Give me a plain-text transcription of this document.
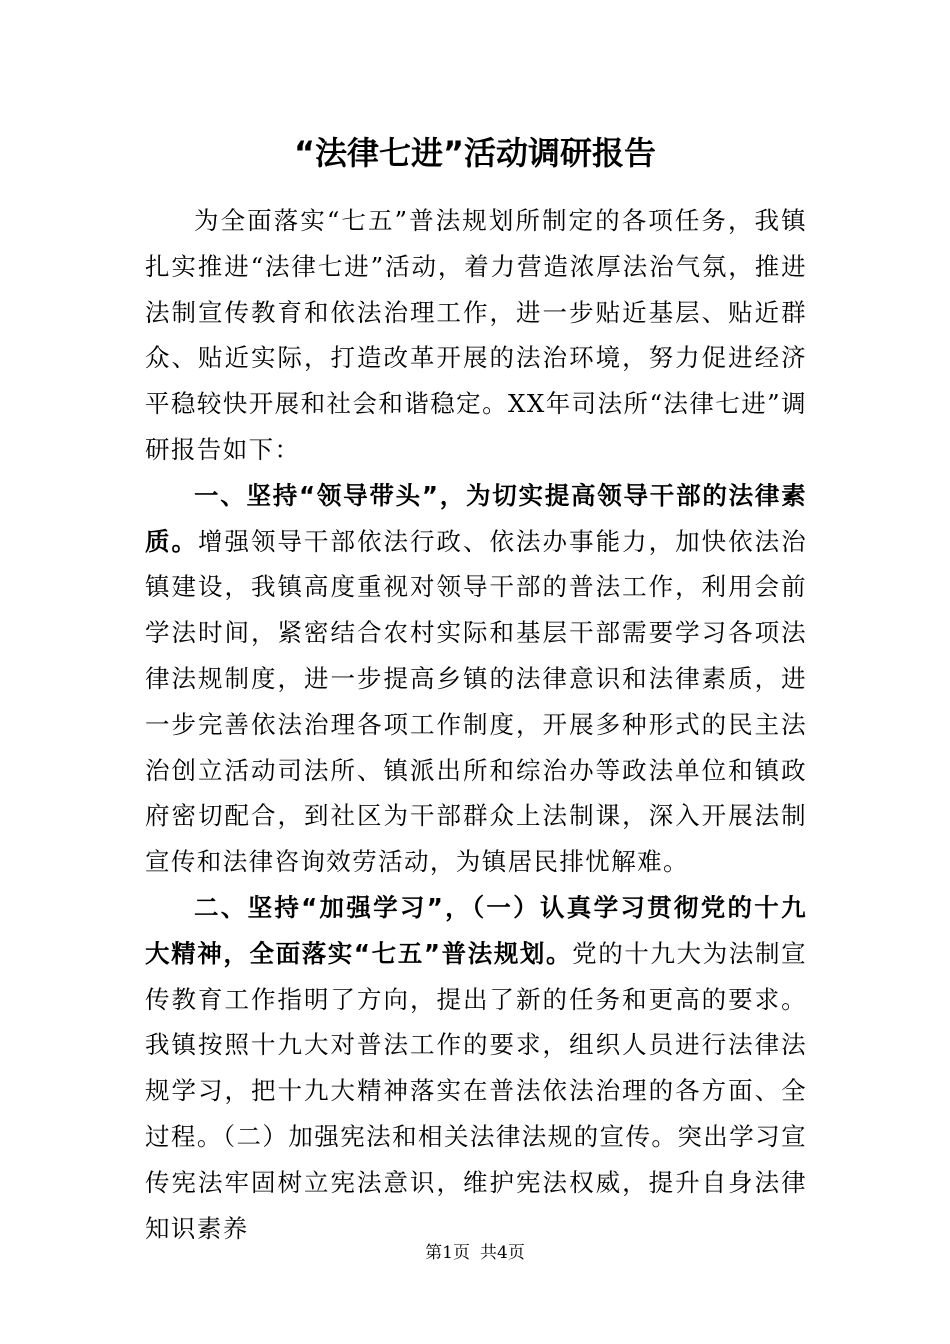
“法律七进”活动调研报告

为全面落实“七五”普法规划所制定的各项任务，我镇扎实推进“法律七进”活动，着力营造浓厚法治气氛，推进法制宣传教育和依法治理工作，进一步贴近基层、贴近群众、贴近实际，打造改革开展的法治环境，努力促进经济平稳较快开展和社会和谐稳定。XX年司法所“法律七进”调研报告如下：

一、坚持“领导带头”，为切实提高领导干部的法律素质。增强领导干部依法行政、依法办事能力，加快依法治镇建设，我镇高度重视对领导干部的普法工作，利用会前学法时间，紧密结合农村实际和基层干部需要学习各项法律法规制度，进一步提高乡镇的法律意识和法律素质，进一步完善依法治理各项工作制度，开展多种形式的民主法治创立活动司法所、镇派出所和综治办等政法单位和镇政府密切配合，到社区为干部群众上法制课，深入开展法制宣传和法律咨询效劳活动，为镇居民排忧解难。

二、坚持“加强学习”，（一）认真学习贯彻党的十九大精神，全面落实“七五”普法规划。党的十九大为法制宣传教育工作指明了方向，提出了新的任务和更高的要求。我镇按照十九大对普法工作的要求，组织人员进行法律法规学习，把十九大精神落实在普法依法治理的各方面、全过程。（二）加强宪法和相关法律法规的宣传。突出学习宣传宪法牢固树立宪法意识，维护宪法权威，提升自身法律知识素养

第1页 共4页
